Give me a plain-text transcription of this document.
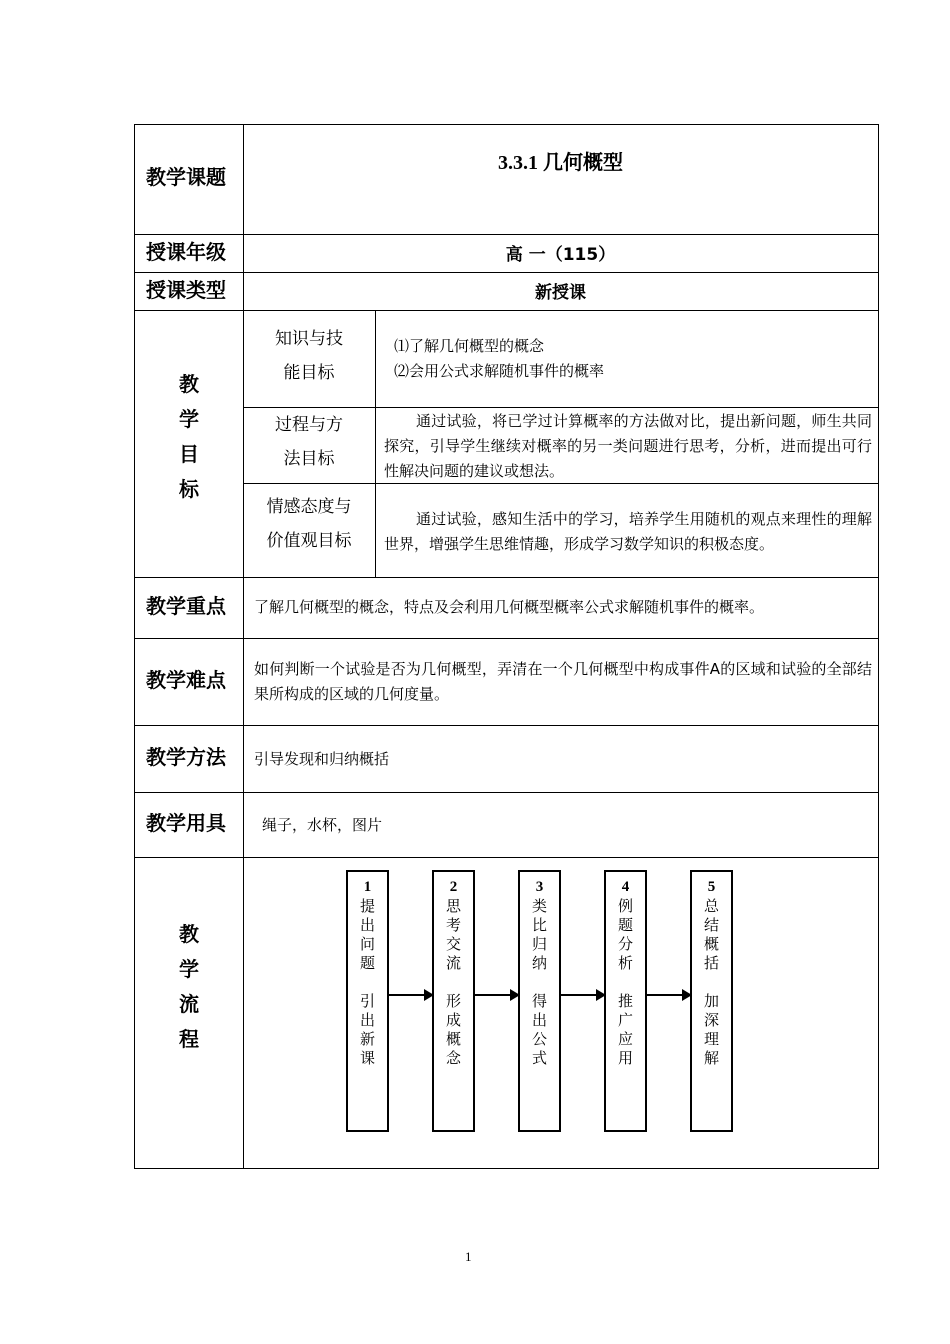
教学课题
3.3.1 几何概型
授课年级	高 一（115）
授课类型	新授课
教
学
目
标
知识与技
能目标
⑴了解几何概型的概念
⑵会用公式求解随机事件的概率
过程与方
法目标
通过试验，将已学过计算概率的方法做对比，提出新问题，师生共同探究，引导学生继续对概率的另一类问题进行思考，分析，进而提出可行性解决问题的建议或想法。
情感态度与
价值观目标
通过试验，感知生活中的学习，培养学生用随机的观点来理性的理解世界，增强学生思维情趣，形成学习数学知识的积极态度。
教学重点 了解几何概型的概念，特点及会利用几何概型概率公式求解随机事件的概率。
教学难点 如何判断一个试验是否为几何概型，弄清在一个几何概型中构成事件A的区域和试验的全部结果所构成的区域的几何度量。
教学方法 引导发现和归纳概括
教学用具 绳子，水杯，图片
教
学
流
程
1
提出问题
引出新课
2
思考交流
形成概念
3
类比归纳
得出公式
4
例题分析
推广应用
5
总结概括
加深理解
1
